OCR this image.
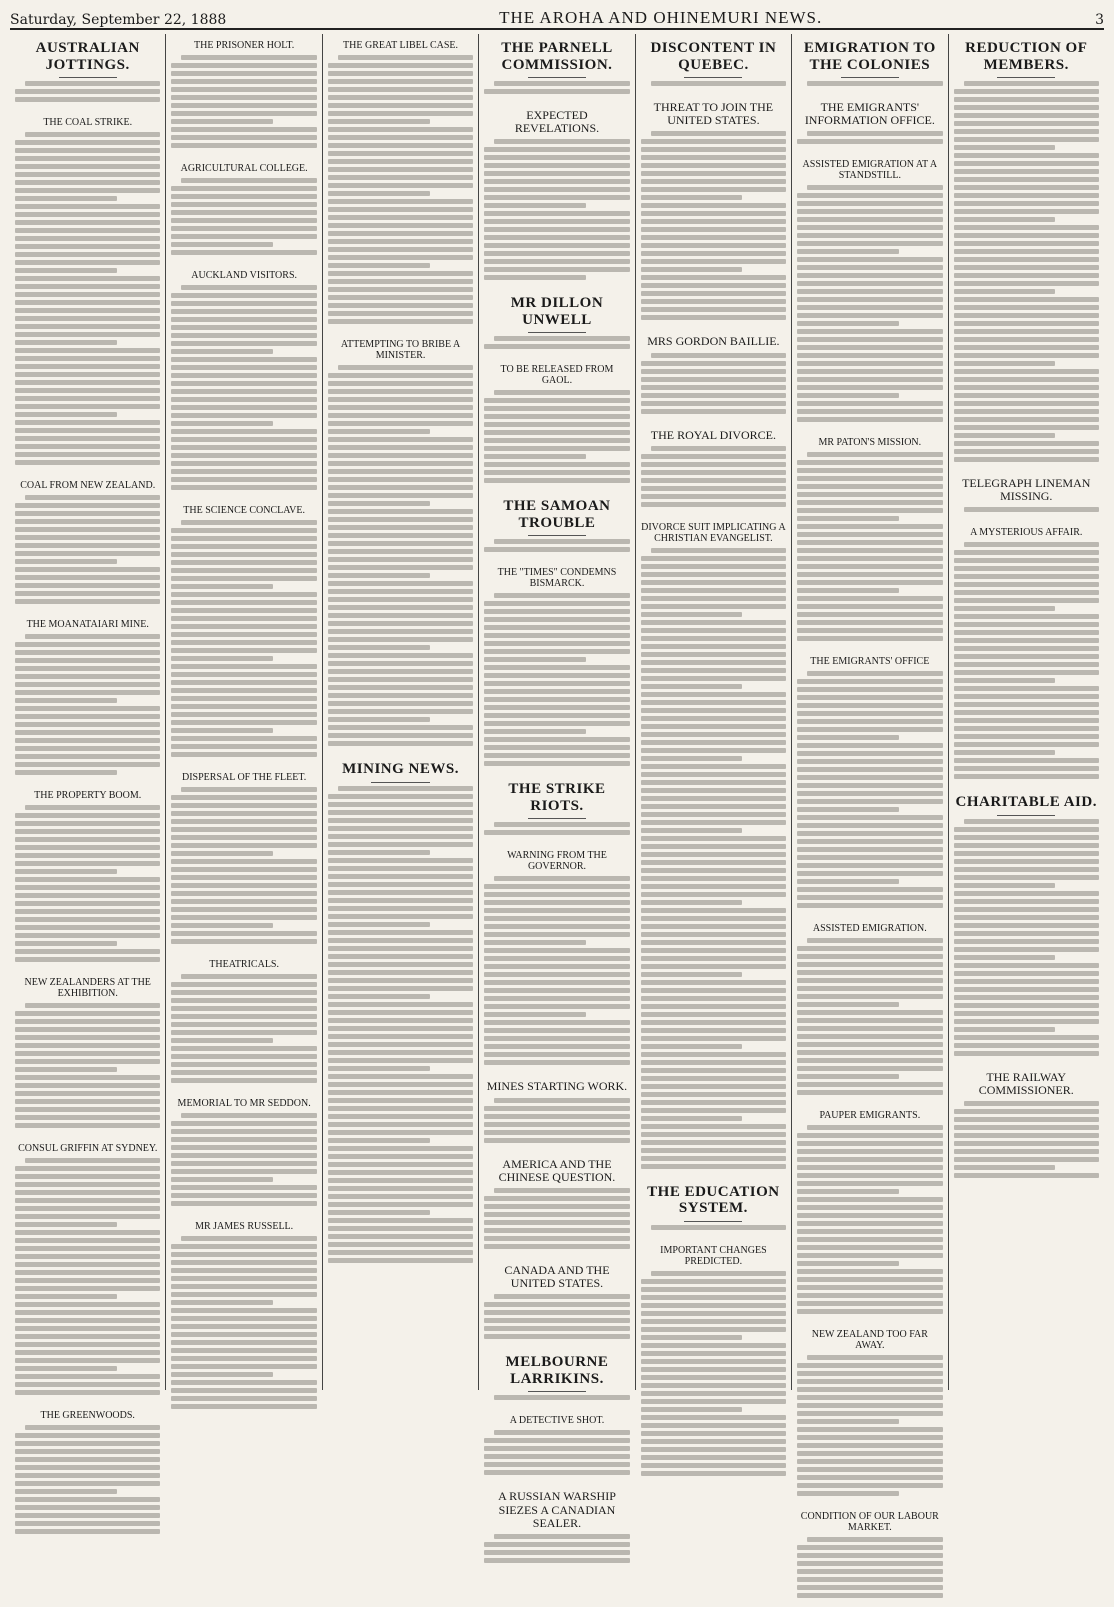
Saturday, September 22, 1888	THE AROHA AND OHINEMURI NEWS.	3
AUSTRALIAN JOTTINGS.
THE COAL STRIKE.
COAL FROM NEW ZEALAND.
THE MOANATAIARI MINE.
THE PROPERTY BOOM.
NEW ZEALANDERS AT THE EXHIBITION.
CONSUL GRIFFIN AT SYDNEY.
THE GREENWOODS.
THE PRISONER HOLT.
AGRICULTURAL COLLEGE.
AUCKLAND VISITORS.
THE SCIENCE CONCLAVE.
DISPERSAL OF THE FLEET.
THEATRICALS.
MEMORIAL TO MR SEDDON.
MR JAMES RUSSELL.
THE GREAT LIBEL CASE.
ATTEMPTING TO BRIBE A MINISTER.
MINING NEWS.
THE PARNELL COMMISSION.
EXPECTED REVELATIONS.
MR DILLON UNWELL
TO BE RELEASED FROM GAOL.
THE SAMOAN TROUBLE
THE "TIMES" CONDEMNS BISMARCK.
THE STRIKE RIOTS.
WARNING FROM THE GOVERNOR.
MINES STARTING WORK.
AMERICA AND THE CHINESE QUESTION.
CANADA AND THE UNITED STATES.
MELBOURNE LARRIKINS.
A DETECTIVE SHOT.
A RUSSIAN WARSHIP SIEZES A CANADIAN SEALER.
DISCONTENT IN QUEBEC.
THREAT TO JOIN THE UNITED STATES.
MRS GORDON BAILLIE.
THE ROYAL DIVORCE.
DIVORCE SUIT IMPLICATING A CHRISTIAN EVANGELIST.
THE EDUCATION SYSTEM.
IMPORTANT CHANGES PREDICTED.
EMIGRATION TO THE COLONIES
THE EMIGRANTS' INFORMATION OFFICE.
ASSISTED EMIGRATION AT A STANDSTILL.
MR PATON'S MISSION.
THE EMIGRANTS' OFFICE
ASSISTED EMIGRATION.
PAUPER EMIGRANTS.
NEW ZEALAND TOO FAR AWAY.
CONDITION OF OUR LABOUR MARKET.
REDUCTION OF MEMBERS.
TELEGRAPH LINEMAN MISSING.
A MYSTERIOUS AFFAIR.
CHARITABLE AID.
THE RAILWAY COMMISSIONER.
